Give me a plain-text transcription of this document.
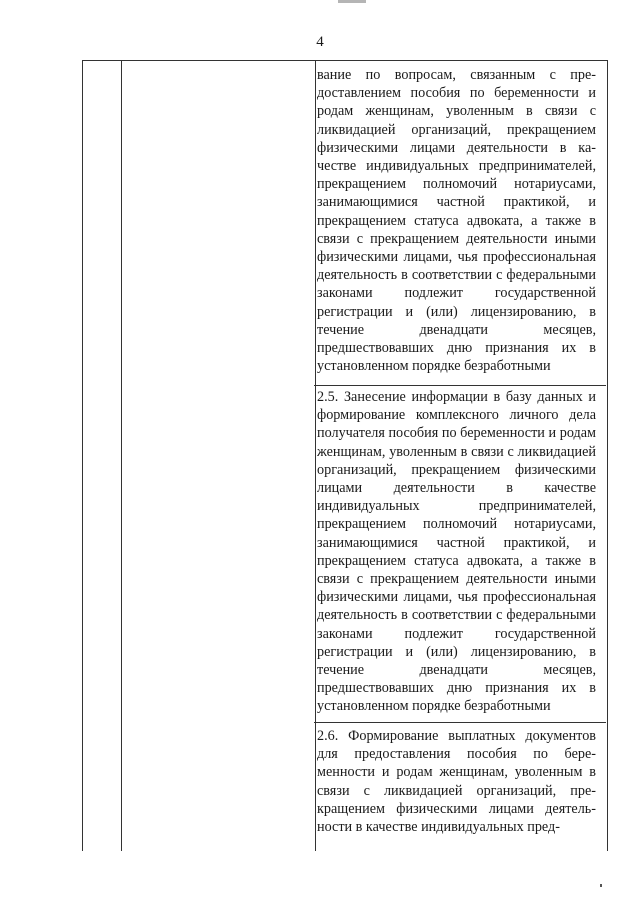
4

вание по вопросам, связанным с предоставлением пособия по беременности и родам женщинам, уволенным в связи с ликвидацией организаций, прекращением физическими лицами деятельности в качестве индивидуальных предпринимателей, прекращением полномочий нотариусами, занимающимися частной практикой, и прекращением статуса адвоката, а также в связи с прекращением деятельности иными физическими лицами, чья профессиональная деятельность в соответствии с федеральными законами подлежит государственной регистрации и (или) лицензированию, в течение двенадцати месяцев, предшествовавших дню признания их в установленном порядке безработными

2.5. Занесение информации в базу данных и формирование комплексного личного дела получателя пособия по беременности и родам женщинам, уволенным в связи с ликвидацией организаций, прекращением физическими лицами деятельности в качестве индивидуальных предпринимателей, прекращением полномочий нотариусами, занимающимися частной практикой, и прекращением статуса адвоката, а также в связи с прекращением деятельности иными физическими лицами, чья профессиональная деятельность в соответствии с федеральными законами подлежит государственной регистрации и (или) лицензированию, в течение двенадцати месяцев, предшествовавших дню признания их в установленном порядке безработными

2.6. Формирование выплатных документов для предоставления пособия по беременности и родам женщинам, уволенным в связи с ликвидацией организаций, прекращением физическими лицами деятельности в качестве индивидуальных пред-
